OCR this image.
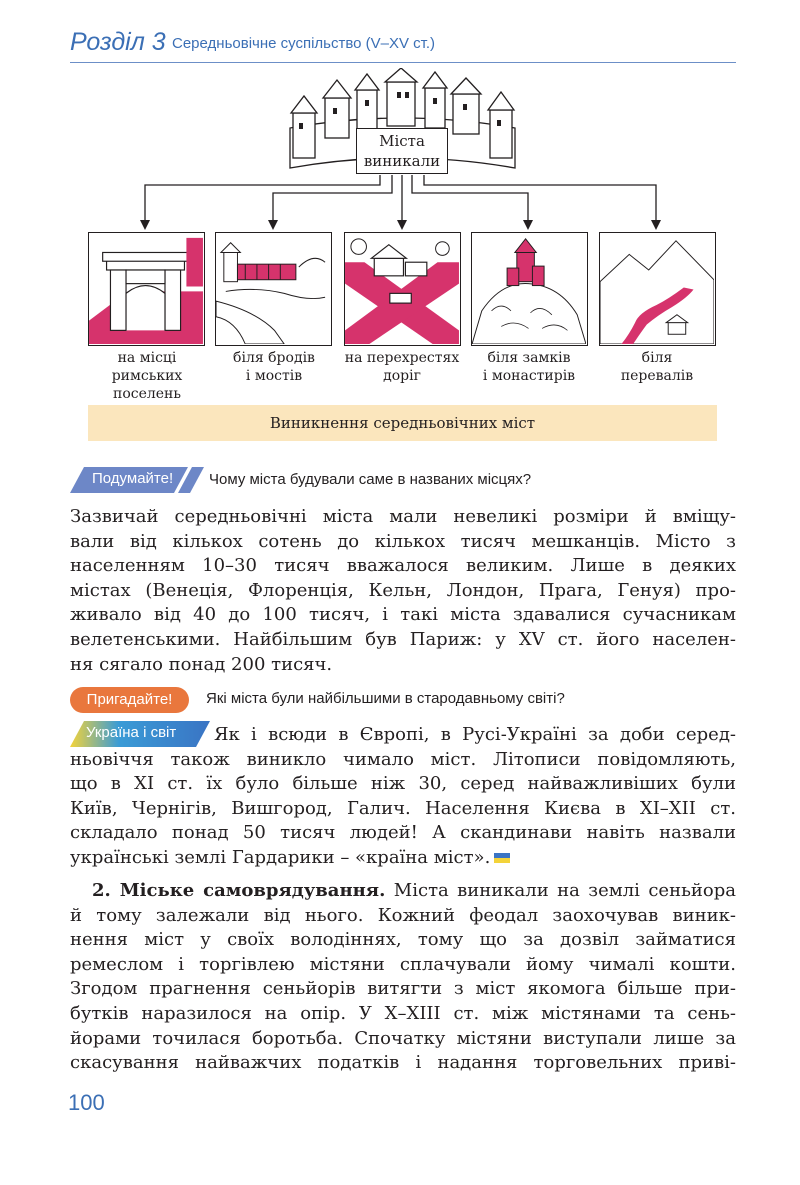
Розділ 3 Середньовічне суспільство (V–XV ст.)
Міста
виникали
на місці
римських
поселень
біля бродів
і мостів
на перехрестях
доріг
біля замків
і монастирів
біля
перевалів
Виникнення середньовічних міст
Подумайте! Чому міста будували саме в названих місцях?
Зазвичай середньовічні міста мали невеликі розміри й вміщу-
вали від кількох сотень до кількох тисяч мешканців. Місто з
населенням 10–30 тисяч вважалося великим. Лише в деяких
містах (Венеція, Флоренція, Кельн, Лондон, Прага, Генуя) про-
живало від 40 до 100 тисяч, і такі міста здавалися сучасникам
велетенськими. Найбільшим був Париж: у XV ст. його населен-
ня сягало понад 200 тисяч.
Пригадайте!	Які міста були найбільшими в стародавньому світі?
Україна і світ	Як і всюди в Європі, в Русі-Україні за доби серед-
ньовіччя також виникло чимало міст. Літописи повідомляють,
що в XI ст. їх було більше ніж 30, серед найважливіших були
Київ, Чернігів, Вишгород, Галич. Населення Києва в XI–XII ст.
складало понад 50 тисяч людей! А скандинави навіть назвали
українські землі Гардарики – «країна міст».
2. Міське самоврядування. Міста виникали на землі сеньйора
й тому залежали від нього. Кожний феодал заохочував виник-
нення міст у своїх володіннях, тому що за дозвіл займатися
ремеслом і торгівлею містяни сплачували йому чималі кошти.
Згодом прагнення сеньйорів витягти з міст якомога більше при-
бутків наразилося на опір. У X–XIII ст. між містянами та сень-
йорами точилася боротьба. Спочатку містяни виступали лише за
скасування найважчих податків і надання торговельних приві-
100
